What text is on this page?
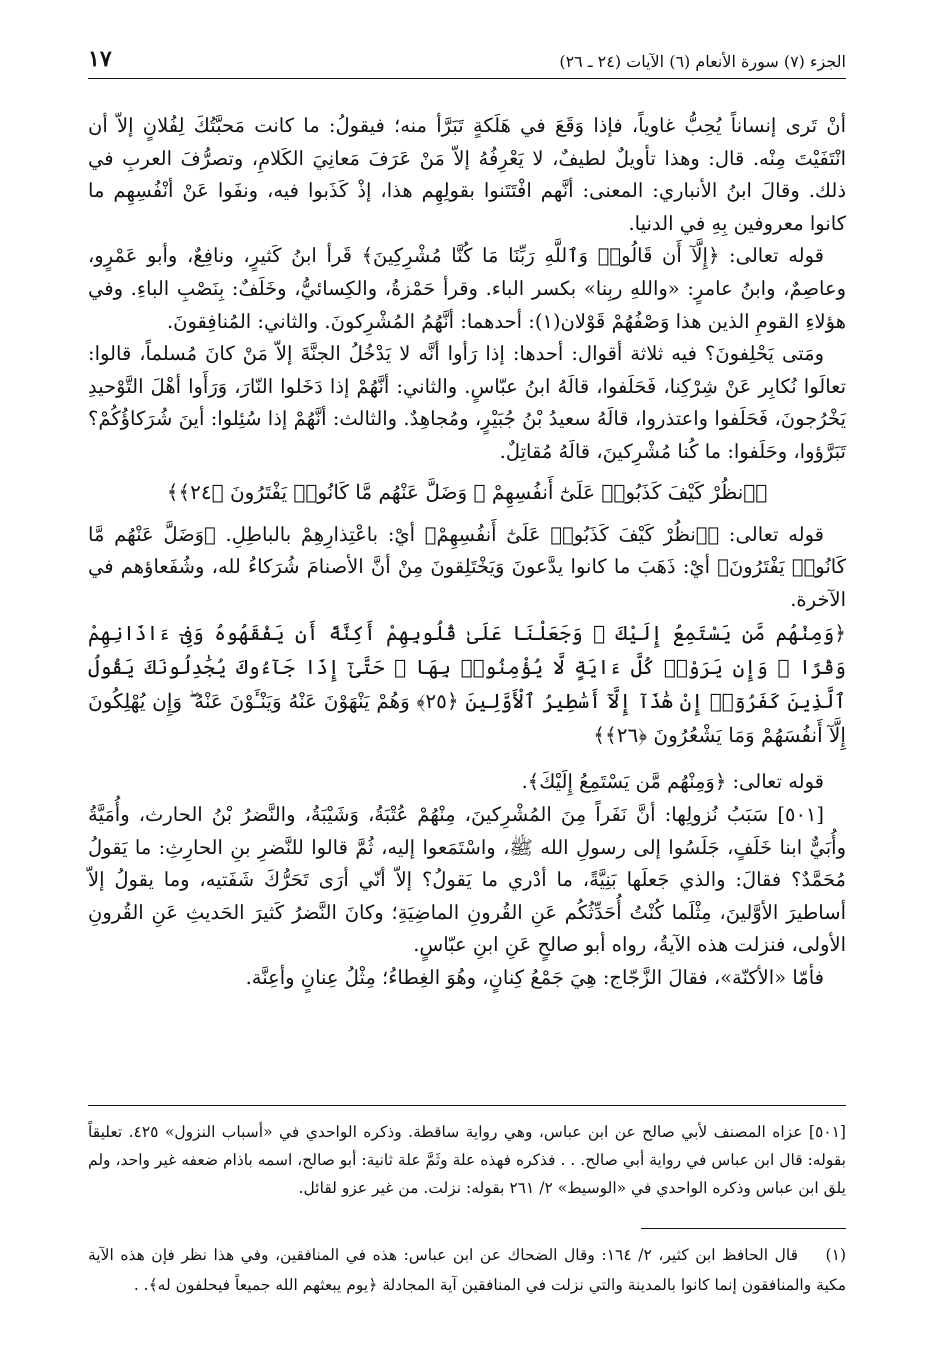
الجزء (٧) سورة الأنعام (٦) الآيات (٢٤ ـ ٢٦)
١٧

أنْ تَرى إنساناً يُحِبُّ غاوياً، فإذا وَقَعَ في هَلَكةٍ تَبَرَّأ منه؛ فيقولُ: ما كانت مَحبَّتُكَ لِفُلانٍ إلاّ أن انْتَفَيْتَ مِنْه. قال: وهذا تأويلٌ لطيفٌ، لا يَعْرِفُهُ إلاّ مَنْ عَرَفَ مَعانِيَ الكَلامِ، وتصرُّفَ العربِ في ذلك. وقالَ ابنُ الأنباري: المعنى: أنَّهم افْتَتَنوا بقولِهِم هذا، إذْ كَذَبوا فيه، ونفَوا عَنْ أنْفُسِهِم ما كانوا معروفين بِهِ في الدنيا.

قوله تعالى: ﴿إِلَّآ أَن قَالُوا۟ وَٱللَّهِ رَبِّنَا مَا كُنَّا مُشْرِكِينَ﴾ قَرأ ابنُ كَثيرٍ، ونافِعٌ، وأبو عَمْرٍو، وعاصِمٌ، وابنُ عامرٍ: «واللهِ ربِنا» بكسر الباء. وقرأ حَمْزةُ، والكِسائيُّ، وخَلَفٌ: بِنَصْبِ الباءِ. وفي هؤلاءِ القومِ الذين هذا وَصْفُهُمْ قَوْلان(١): أحدهما: أنَّهُمُ المُشْرِكونَ. والثاني: المُنافِقونَ.

ومَتى يَحْلِفونَ؟ فيه ثلاثة أقوال: أحدها: إذا رَأوا أنَّه لا يَدْخُلُ الجنَّةَ إلاّ مَنْ كانَ مُسلماً، قالوا: تعالَوا نُكابِر عَنْ شِرْكِنا، فَحَلَفوا، قالَهُ ابنُ عبّاسٍ. والثاني: أنَّهُمْ إذا دَخَلوا النّارَ، وَرَأَوا أهْلَ التَّوْحيدِ يَخْرُجونَ، فَحَلَفوا واعتذروا، قالَهُ سعيدُ بْنُ جُبَيْرٍ، ومُجاهِدٌ. والثالث: أنَّهُمْ إذا سُئِلوا: أينَ شُرَكاؤُكُمْ؟ تَبَرَّؤوا، وحَلَفوا: ما كُنا مُشْرِكينَ، قالَهُ مُقاتِلٌ.

﴿ٱنظُرْ كَيْفَ كَذَبُوا۟ عَلَىٰٓ أَنفُسِهِمْ ۚ وَضَلَّ عَنْهُم مَّا كَانُوا۟ يَفْتَرُونَ ﴿٢٤﴾﴾

قوله تعالى: ﴿ٱنظُرْ كَيْفَ كَذَبُوا۟ عَلَىٰٓ أَنفُسِهِمْ﴾ أيْ: باعْتِذارِهِمْ بالباطِلِ. ﴿وَضَلَّ عَنْهُم مَّا كَانُوا۟ يَفْتَرُونَ﴾ أيْ: ذَهَبَ ما كانوا يدَّعونَ وَيَخْتَلِقونَ مِنْ أنَّ الأصنامَ شُرَكاءُ لله، وشُفَعاؤهم في الآخرة.

﴿وَمِنْهُم مَّن يَسْتَمِعُ إِلَيْكَ ۖ وَجَعَلْنَا عَلَىٰ قُلُوبِهِمْ أَكِنَّةً أَن يَفْقَهُوهُ وَفِىٓ ءَاذَانِهِمْ وَقْرًا ۚ وَإِن يَرَوْا۟ كُلَّ ءَايَةٍ لَّا يُؤْمِنُوا۟ بِهَا ۚ حَتَّىٰٓ إِذَا جَآءُوكَ يُجَٰدِلُونَكَ يَقُولُ ٱلَّذِينَ كَفَرُوٓا۟ إِنْ هَٰذَآ إِلَّآ أَسَٰطِيرُ ٱلْأَوَّلِينَ ﴿٢٥﴾ وَهُمْ يَنْهَوْنَ عَنْهُ وَيَنْـَٔوْنَ عَنْهُ ۖ وَإِن يُهْلِكُونَ إِلَّآ أَنفُسَهُمْ وَمَا يَشْعُرُونَ ﴿٢٦﴾﴾

قوله تعالى: ﴿وَمِنْهُم مَّن يَسْتَمِعُ إِلَيْكَ﴾.

[٥٠١] سَبَبُ نُزولِها: أنَّ نَفَراً مِنَ المُشْرِكينَ، مِنْهُمْ عُتْبَةُ، وَشَيْبَةُ، والنَّضرُ بْنُ الحارث، وأُمَيَّةُ وأُبَيٌّ ابنا خَلَفٍ، جَلَسُوا إلى رسولِ الله ﷺ، واسْتَمَعوا إليه، ثُمَّ قالوا للنَّضرِ بنِ الحارِثِ: ما يَقولُ مُحَمَّدٌ؟ فقالَ: والذي جَعلَها بَنِيَّةً، ما أدْري ما يَقولُ؟ إلاّ أنّي أرَى تَحَرُّكَ شَفَتيه، وما يقولُ إلاّ أساطيرَ الأوَّلينَ، مِثْلَما كُنْتُ أُحَدِّثُكُم عَنِ القُرونِ الماضِيَةِ؛ وكانَ النَّضرُ كَثيرَ الحَديثِ عَنِ القُرونِ الأولى، فنزلت هذه الآيةُ، رواه أبو صالحٍ عَنِ ابنِ عبّاسٍ.

فأمّا «الأكنّة»، فقالَ الزَّجّاج: هِيَ جَمْعُ كِنانٍ، وهُوَ الغِطاءُ؛ مِثْلُ عِنانٍ وأعِنَّة.

[٥٠١] عزاه المصنف لأبي صالح عن ابن عباس، وهي رواية ساقطة. وذكره الواحدي في «أسباب النزول» ٤٢٥. تعليقاً بقوله: قال ابن عباس في رواية أبي صالح. . . فذكره فهذه علة وثَمَّ علة ثانية: أبو صالح، اسمه باذام ضعفه غير واحد، ولم يلق ابن عباس وذكره الواحدي في «الوسيط» ٢/ ٢٦١ بقوله: نزلت. من غير عزو لقائل.

(١)قال الحافظ ابن كثير، ٢/ ١٦٤: وقال الضحاك عن ابن عباس: هذه في المنافقين، وفي هذا نظر فإن هذه الآية مكية والمنافقون إنما كانوا بالمدينة والتي نزلت في المنافقين آية المجادلة ﴿يوم يبعثهم الله جميعاً فيحلفون له﴾. .
